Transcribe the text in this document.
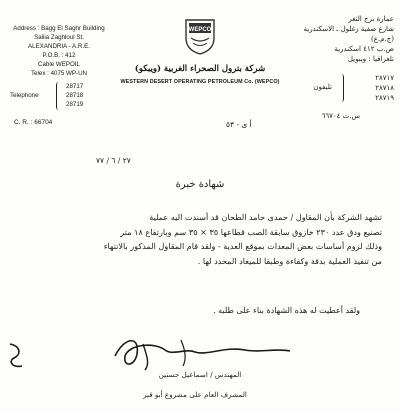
Address : Bagg El Saghr Building
Saliia Zaghloul St.
ALEXANDRIA - A.R.E.
P.O.B. : 412
Cable WEPOIL
Telex : 4075 WP-UN
Telephone
28717
28718
28719
C. R. : 66704
عمارة برج الثغر
شارع صفية زغلول ـ الاسكندرية
(ج.م.ع)
ص.ب ٤١٢ اسكندرية
تلغرافيا : ويبويل
تليفون
٢٨٧١٧
٢٨٧١٨
٢٨٧١٩
س.ت ٦٦٧٠٤
WEPCO
شركة بترول الصحراء الغربية (ويبكو)
WESTERN DESERT OPERATING PETROLEUM Co. (WEPCO)
أ ى - ٥٣
٢٧ / ٦ / ٧٧
شهادة خبرة
تشهد الشركة بأن المقاول / حمدى حامد الطحان قد أسندت اليه عملية
تصنيع ودق عدد ٢٣٠ خازوق سابقة الصب قطاعها ٣٥ × ٣٥ سم وبارتفاع ١٨ متر
وذلك لزوم أساسات بعض المعدات بموقع العدية - ولقد قام المقاول المذكور بالانتهاء
من تنفيذ العملية بدقة وكفاءة وطبقا للميعاد المحدد لها .
ولقد أعطيت له هذه الشهادة بناء على طلبه .
المهندس / اسماعيل حسنين
المشرف العام على مشروع أبو قير
